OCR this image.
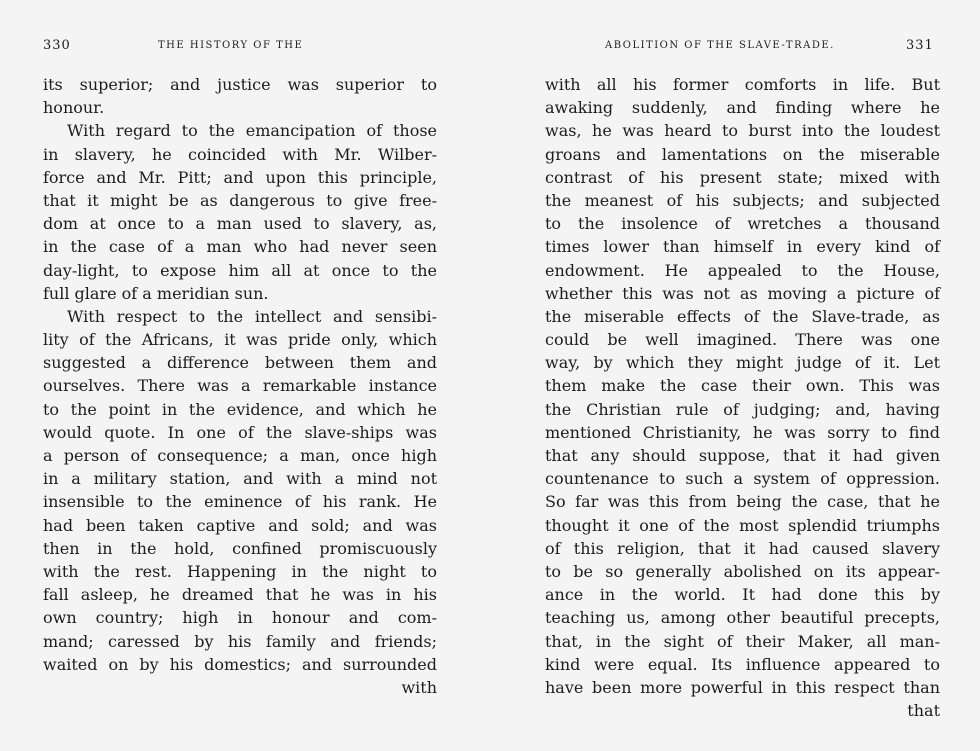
330	THE HISTORY OF THE
its superior; and justice was superior to
honour.
With regard to the emancipation of those
in slavery, he coincided with Mr. Wilber-
force and Mr. Pitt; and upon this principle,
that it might be as dangerous to give free-
dom at once to a man used to slavery, as,
in the case of a man who had never seen
day-light, to expose him all at once to the
full glare of a meridian sun.
With respect to the intellect and sensibi-
lity of the Africans, it was pride only, which
suggested a difference between them and
ourselves. There was a remarkable instance
to the point in the evidence, and which he
would quote. In one of the slave-ships was
a person of consequence; a man, once high
in a military station, and with a mind not
insensible to the eminence of his rank. He
had been taken captive and sold; and was
then in the hold, confined promiscuously
with the rest. Happening in the night to
fall asleep, he dreamed that he was in his
own country; high in honour and com-
mand; caressed by his family and friends;
waited on by his domestics; and surrounded
with
ABOLITION OF THE SLAVE-TRADE.	331
with all his former comforts in life. But
awaking suddenly, and finding where he
was, he was heard to burst into the loudest
groans and lamentations on the miserable
contrast of his present state; mixed with
the meanest of his subjects; and subjected
to the insolence of wretches a thousand
times lower than himself in every kind of
endowment. He appealed to the House,
whether this was not as moving a picture of
the miserable effects of the Slave-trade, as
could be well imagined. There was one
way, by which they might judge of it. Let
them make the case their own. This was
the Christian rule of judging; and, having
mentioned Christianity, he was sorry to find
that any should suppose, that it had given
countenance to such a system of oppression.
So far was this from being the case, that he
thought it one of the most splendid triumphs
of this religion, that it had caused slavery
to be so generally abolished on its appear-
ance in the world. It had done this by
teaching us, among other beautiful precepts,
that, in the sight of their Maker, all man-
kind were equal. Its influence appeared to
have been more powerful in this respect than
that
